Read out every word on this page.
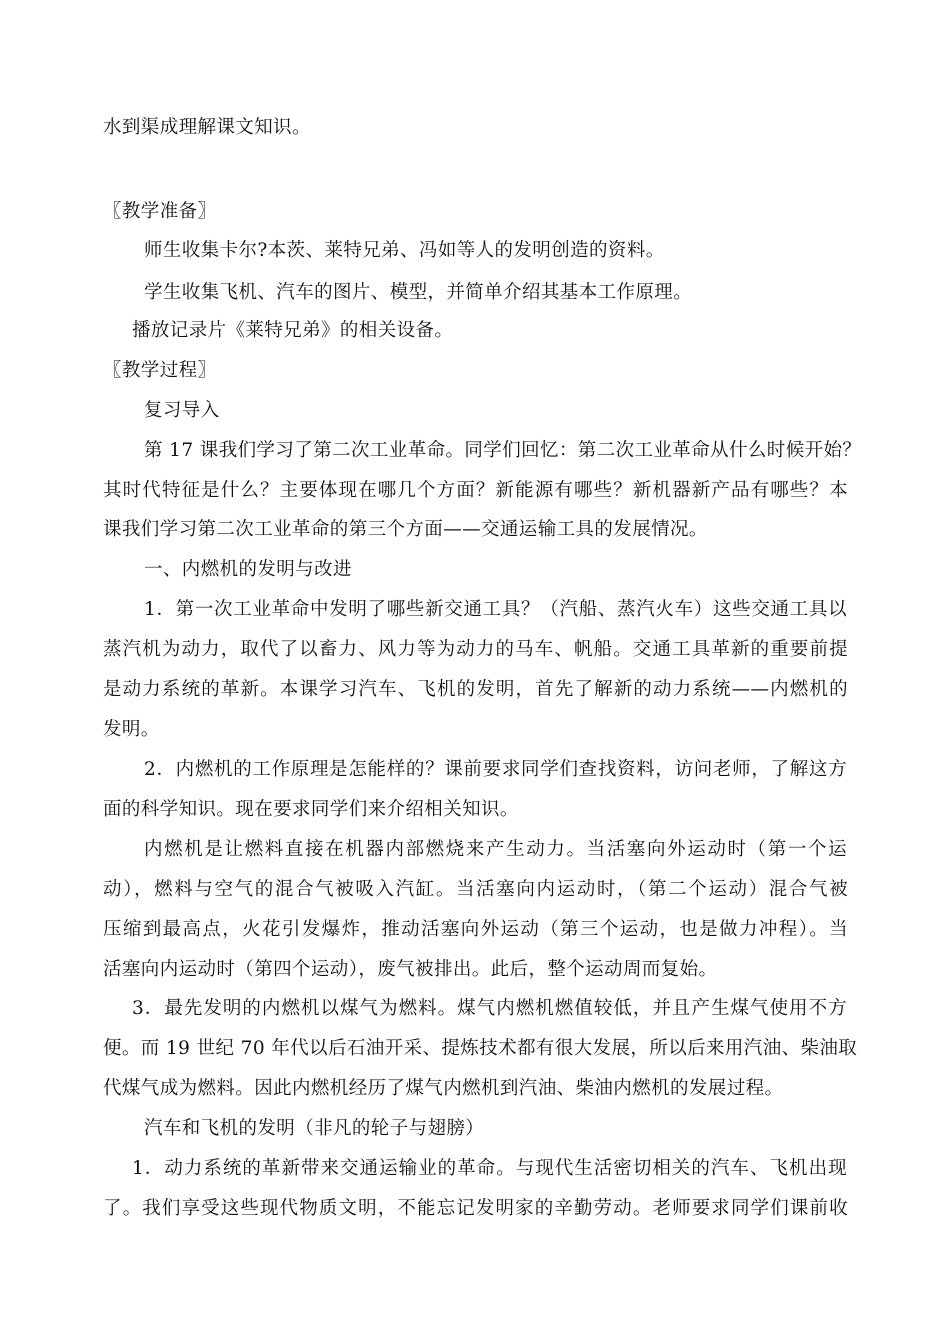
水到渠成理解课文知识。
〖教学准备〗
师生收集卡尔?本茨、莱特兄弟、冯如等人的发明创造的资料。
学生收集飞机、汽车的图片、模型，并简单介绍其基本工作原理。
播放记录片《莱特兄弟》的相关设备。
〖教学过程〗
复习导入
第 17 课我们学习了第二次工业革命。同学们回忆：第二次工业革命从什么时候开始？
其时代特征是什么？主要体现在哪几个方面？新能源有哪些？新机器新产品有哪些？本
课我们学习第二次工业革命的第三个方面——交通运输工具的发展情况。
一、内燃机的发明与改进
1．第一次工业革命中发明了哪些新交通工具？（汽船、蒸汽火车）这些交通工具以
蒸汽机为动力，取代了以畜力、风力等为动力的马车、帆船。交通工具革新的重要前提
是动力系统的革新。本课学习汽车、飞机的发明，首先了解新的动力系统——内燃机的
发明。
2．内燃机的工作原理是怎能样的？课前要求同学们查找资料，访问老师，了解这方
面的科学知识。现在要求同学们来介绍相关知识。
内燃机是让燃料直接在机器内部燃烧来产生动力。当活塞向外运动时（第一个运
动），燃料与空气的混合气被吸入汽缸。当活塞向内运动时，（第二个运动）混合气被
压缩到最高点，火花引发爆炸，推动活塞向外运动（第三个运动，也是做力冲程）。当
活塞向内运动时（第四个运动），废气被排出。此后，整个运动周而复始。
3．最先发明的内燃机以煤气为燃料。煤气内燃机燃值较低，并且产生煤气使用不方
便。而 19 世纪 70 年代以后石油开采、提炼技术都有很大发展，所以后来用汽油、柴油取
代煤气成为燃料。因此内燃机经历了煤气内燃机到汽油、柴油内燃机的发展过程。
汽车和飞机的发明（非凡的轮子与翅膀）
1．动力系统的革新带来交通运输业的革命。与现代生活密切相关的汽车、飞机出现
了。我们享受这些现代物质文明，不能忘记发明家的辛勤劳动。老师要求同学们课前收
